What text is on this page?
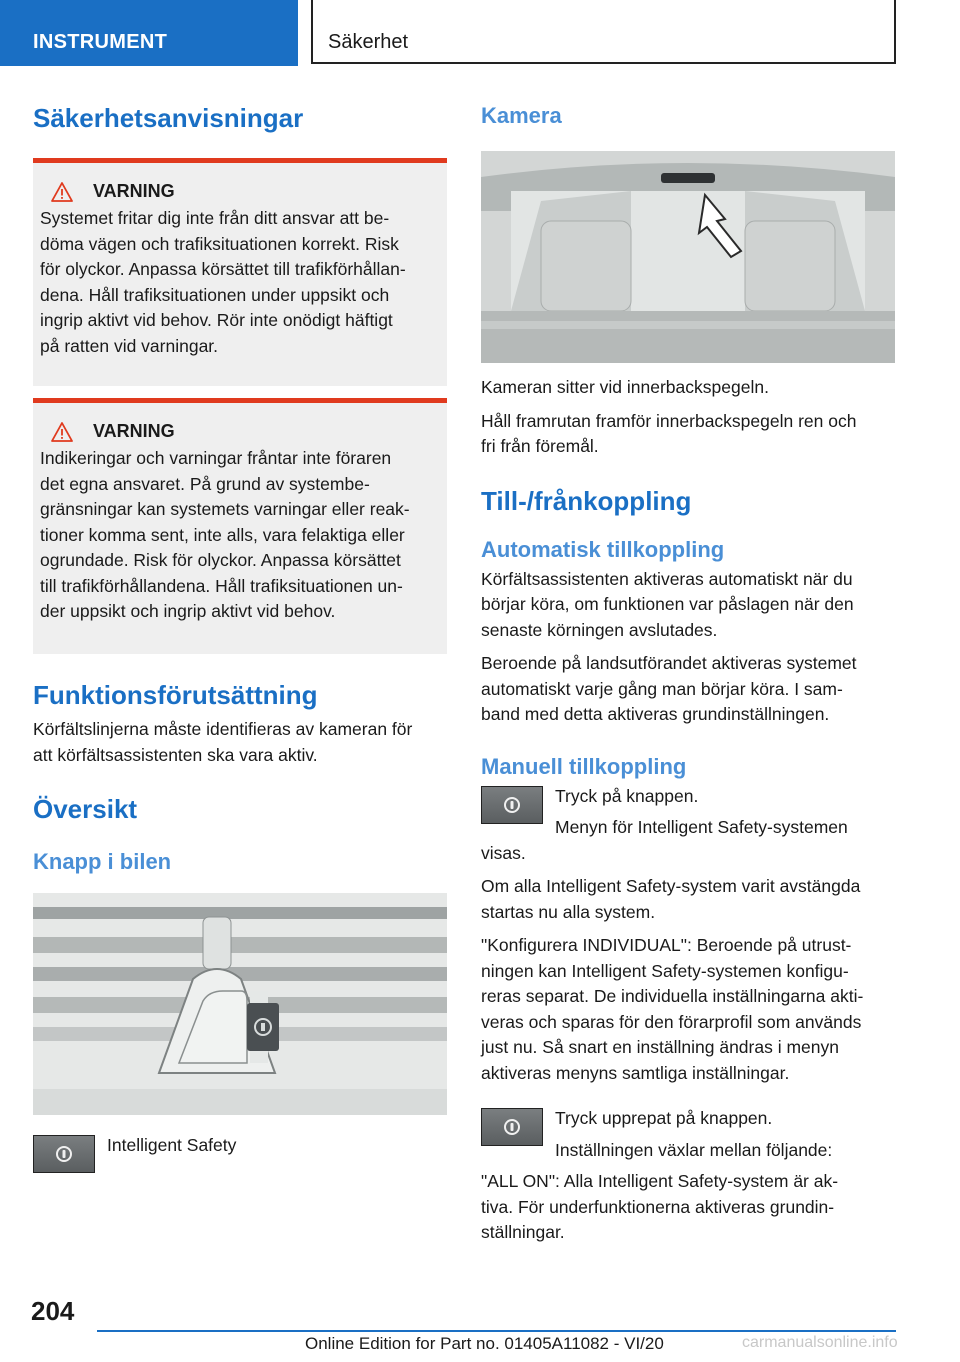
INSTRUMENT	Säkerhet
Säkerhetsanvisningar
VARNING

Systemet fritar dig inte från ditt ansvar att be-

döma vägen och trafiksituationen korrekt. Risk

för olyckor. Anpassa körsättet till trafikförhållan-

dena. Håll trafiksituationen under uppsikt och

ingrip aktivt vid behov. Rör inte onödigt häftigt

på ratten vid varningar.

VARNING

Indikeringar och varningar fråntar inte föraren

det egna ansvaret. På grund av systembe-

gränsningar kan systemets varningar eller reak-

tioner komma sent, inte alls, vara felaktiga eller

ogrundade. Risk för olyckor. Anpassa körsättet

till trafikförhållandena. Håll trafiksituationen un-

der uppsikt och ingrip aktivt vid behov.

Funktionsförutsättning

Körfältslinjerna måste identifieras av kameran för

att körfältsassistenten ska vara aktiv.

Översikt
Knapp i bilen

Intelligent Safety

Kamera

Kameran sitter vid innerbackspegeln.

Håll framrutan framför innerbackspegeln ren och

fri från föremål.

Till-/frånkoppling
Automatisk tillkoppling

Körfältsassistenten aktiveras automatiskt när du

börjar köra, om funktionen var påslagen när den

senaste körningen avslutades.

Beroende på landsutförandet aktiveras systemet

automatiskt varje gång man börjar köra. I sam-

band med detta aktiveras grundinställningen.

Manuell tillkoppling

Tryck på knappen.

Menyn för Intelligent Safety-systemen

visas.

Om alla Intelligent Safety-system varit avstängda

startas nu alla system.

"Konfigurera INDIVIDUAL": Beroende på utrust-

ningen kan Intelligent Safety-systemen konfigu-

reras separat. De individuella inställningarna akti-

veras och sparas för den förarprofil som används

just nu. Så snart en inställning ändras i menyn

aktiveras menyns samtliga inställningar.

Tryck upprepat på knappen.

Inställningen växlar mellan följande:

"ALL ON": Alla Intelligent Safety-system är ak-

tiva. För underfunktionerna aktiveras grundin-

ställningar.

204
Online Edition for Part no. 01405A11082 - VI/20	carmanualsonline.info
